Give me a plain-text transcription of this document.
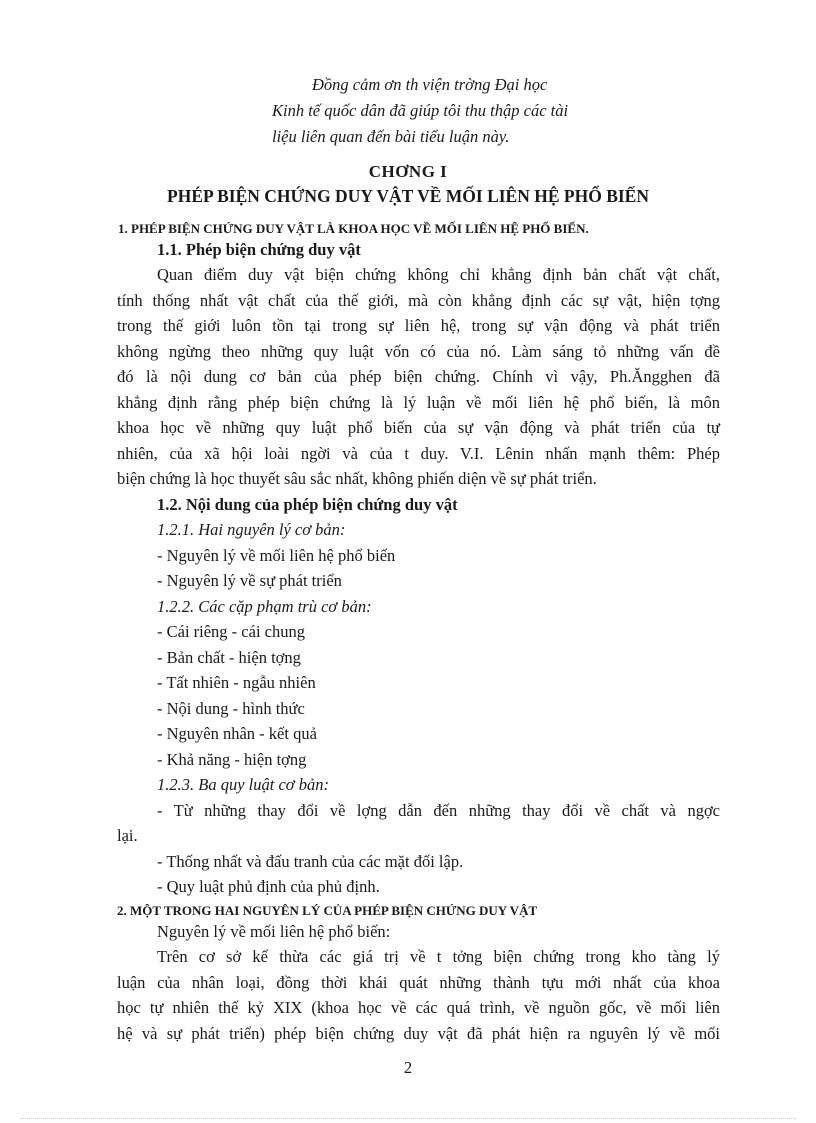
Đồng cảm ơn th viện trờng Đại học
Kinh tế quốc dân đã giúp tôi thu thập các tài
liệu liên quan đến bài tiểu luận này.
CHƠNG I
PHÉP BIỆN CHỨNG DUY VẬT VỀ MỐI LIÊN HỆ PHỔ BIẾN
1. PHÉP BIỆN CHỨNG DUY VẬT LÀ KHOA HỌC VỀ MỐI LIÊN HỆ PHỔ BIẾN.
1.1. Phép biện chứng duy vật
Quan điểm duy vật biện chứng không chỉ khẳng định bản chất vật chất,
tính thống nhất vật chất của thế giới, mà còn khẳng định các sự vật, hiện tợng
trong thế giới luôn tồn tại trong sự liên hệ, trong sự vận động và phát triển
không ngừng theo những quy luật vốn có của nó. Làm sáng tỏ những vấn đề
đó là nội dung cơ bản của phép biện chứng. Chính vì vậy, Ph.Ăngghen đã
khẳng định rằng phép biện chứng là lý luận về mối liên hệ phổ biến, là môn
khoa học về những quy luật phổ biến của sự vận động và phát triển của tự
nhiên, của xã hội loài ngời và của t duy. V.I. Lênin nhấn mạnh thêm: Phép
biện chứng là học thuyết sâu sắc nhất, không phiến diện về sự phát triển.
1.2. Nội dung của phép biện chứng duy vật
1.2.1. Hai nguyên lý cơ bản:
- Nguyên lý về mối liên hệ phổ biến
- Nguyên lý về sự phát triển
1.2.2. Các cặp phạm trù cơ bản:
- Cái riêng - cái chung
- Bản chất - hiện tợng
- Tất nhiên - ngẫu nhiên
- Nội dung - hình thức
- Nguyên nhân - kết quả
- Khả năng - hiện tợng
1.2.3. Ba quy luật cơ bản:
- Từ những thay đổi về lợng dẫn đến những thay đổi về chất và ngợc
lại.
- Thống nhất và đấu tranh của các mặt đối lập.
- Quy luật phủ định của phủ định.
2. MỘT TRONG HAI NGUYÊN LÝ CỦA PHÉP BIỆN CHỨNG DUY VẬT
Nguyên lý về mối liên hệ phổ biến:
Trên cơ sở kế thừa các giá trị về t tởng biện chứng trong kho tàng lý
luận của nhân loại, đồng thời khái quát những thành tựu mới nhất của khoa
học tự nhiên thế kỷ XIX (khoa học về các quá trình, về nguồn gốc, về mối liên
hệ và sự phát triển) phép biện chứng duy vật đã phát hiện ra nguyên lý về mối
2
